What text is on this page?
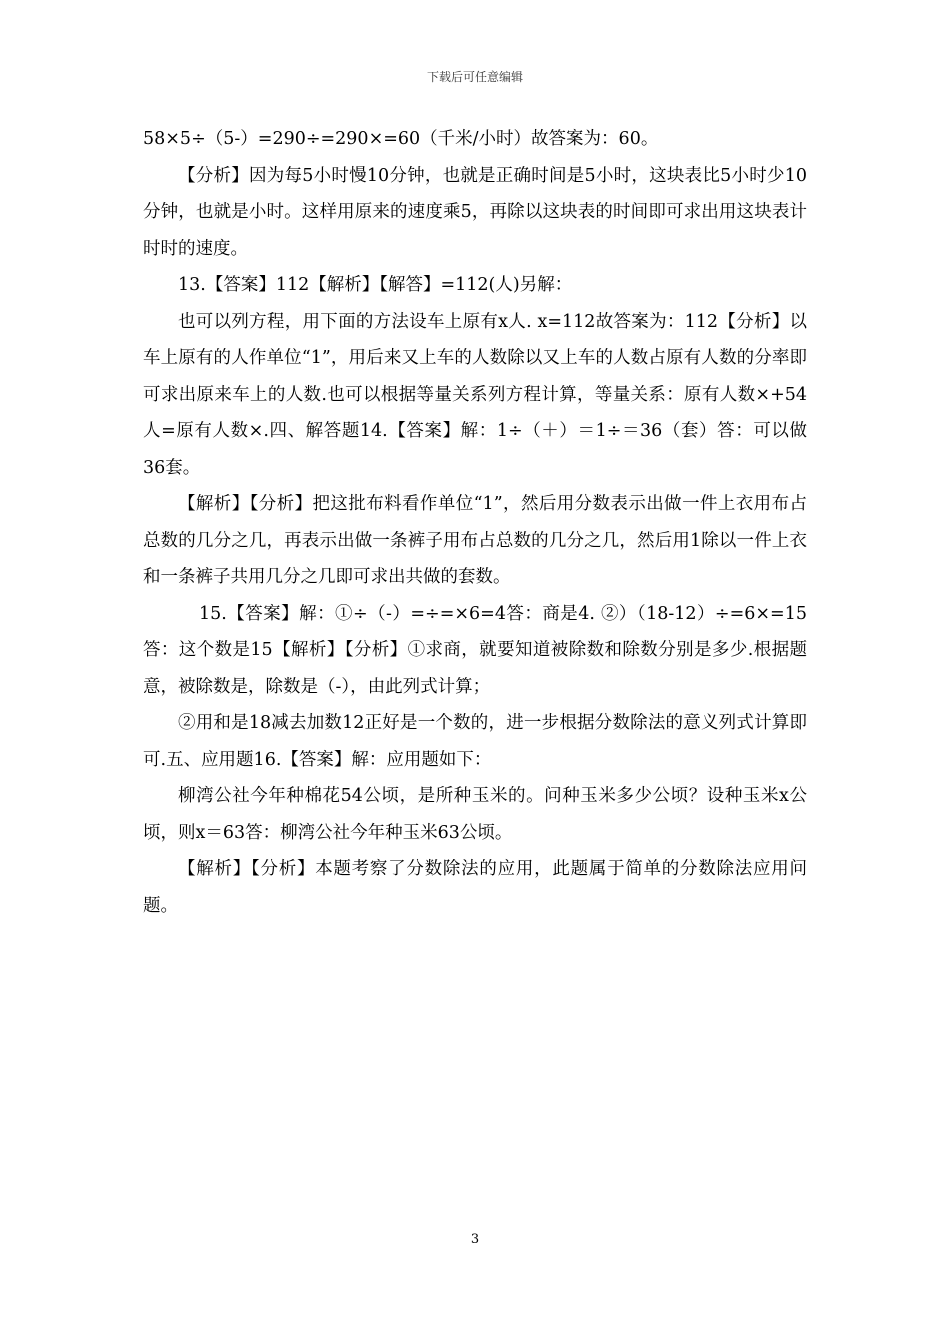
下载后可任意编辑

58×5÷（5-）=290÷=290×=60（千米/小时）故答案为：60。

【分析】因为每5小时慢10分钟，也就是正确时间是5小时，这块表比5小时少10分钟，也就是小时。这样用原来的速度乘5，再除以这块表的时间即可求出用这块表计时时的速度。

13.【答案】112【解析】【解答】=112(人)另解：

也可以列方程，用下面的方法设车上原有x人. x=112故答案为：112【分析】以车上原有的人作单位“1”，用后来又上车的人数除以又上车的人数占原有人数的分率即可求出原来车上的人数.也可以根据等量关系列方程计算，等量关系：原有人数×+54人=原有人数×.四、解答题14.【答案】解：1÷（＋）＝1÷＝36（套）答：可以做36套。

【解析】【分析】把这批布料看作单位“1”，然后用分数表示出做一件上衣用布占总数的几分之几，再表示出做一条裤子用布占总数的几分之几，然后用1除以一件上衣和一条裤子共用几分之几即可求出共做的套数。

15.【答案】解：①÷（-）=÷=×6=4答：商是4. ②）（18-12）÷=6×=15答：这个数是15【解析】【分析】①求商，就要知道被除数和除数分别是多少.根据题意，被除数是，除数是（-），由此列式计算；

②用和是18减去加数12正好是一个数的，进一步根据分数除法的意义列式计算即可.五、应用题16.【答案】解：应用题如下：

柳湾公社今年种棉花54公顷，是所种玉米的。问种玉米多少公顷？设种玉米x公顷，则x＝63答：柳湾公社今年种玉米63公顷。

【解析】【分析】本题考察了分数除法的应用，此题属于简单的分数除法应用问题。

3
